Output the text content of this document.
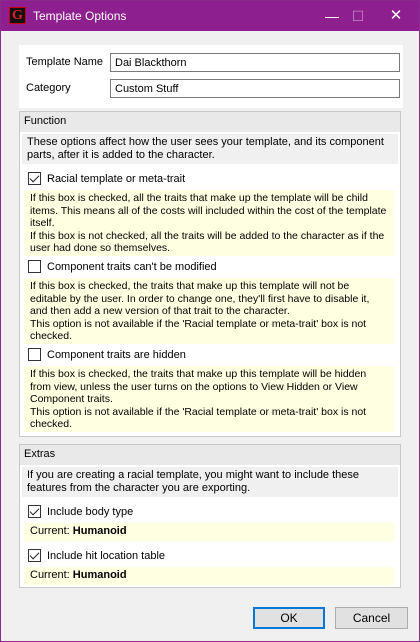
G Template Options	— ☐	✕
Template Name
Dai Blackthorn
Category
Custom Stuff
Function
These options affect how the user sees your template, and its component parts, after it is added to the character.
Racial template or meta-trait

If this box is checked, all the traits that make up the template will be child items. This means all of the costs will included within the cost of the template itself.

If this box is not checked, all the traits will be added to the character as if the user had done so themselves.

Component traits can't be modified

If this box is checked, the traits that make up this template will not be editable by the user. In order to change one, they'll first have to disable it, and then add a new version of that trait to the character.

This option is not available if the 'Racial template or meta-trait' box is not checked.

Component traits are hidden

If this box is checked, the traits that make up this template will be hidden from view, unless the user turns on the options to View Hidden or View Component traits.

This option is not available if the 'Racial template or meta-trait' box is not checked.

Extras
If you are creating a racial template, you might want to include these features from the character you are exporting.
Include body type
Current: Humanoid
Include hit location table
Current: Humanoid
OK	Cancel
